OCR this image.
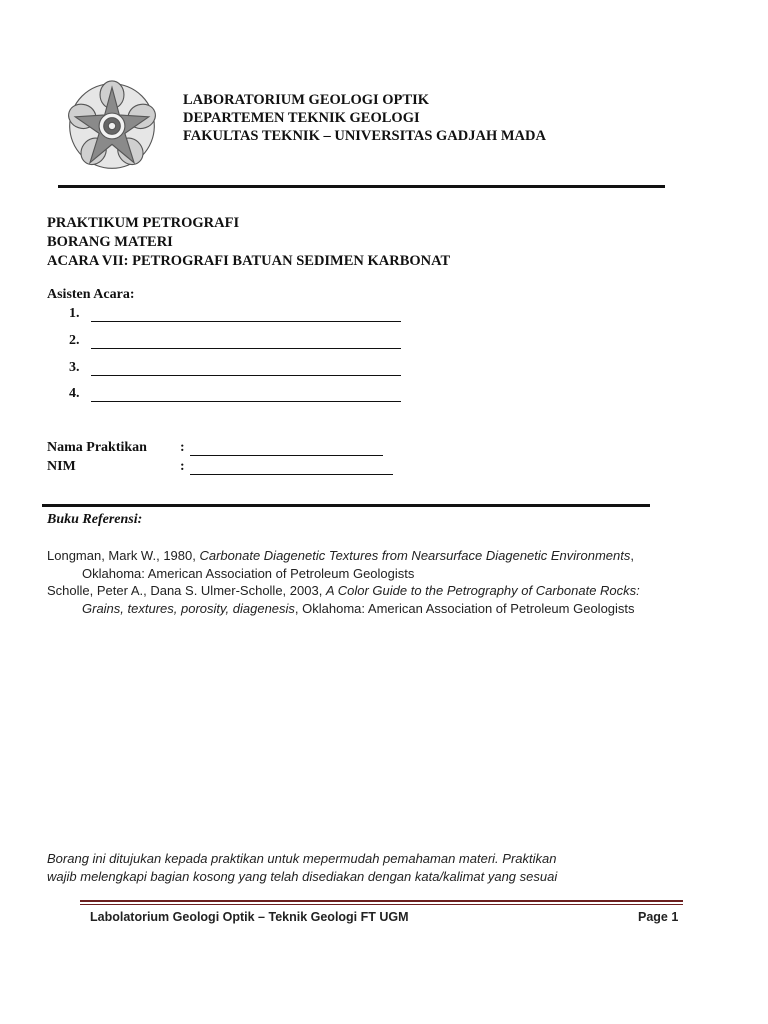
LABORATORIUM GEOLOGI OPTIK
DEPARTEMEN TEKNIK GEOLOGI
FAKULTAS TEKNIK – UNIVERSITAS GADJAH MADA
PRAKTIKUM PETROGRAFI
BORANG MATERI
ACARA VII: PETROGRAFI BATUAN SEDIMEN KARBONAT
Asisten Acara:
1.
2.
3.
4.
Nama Praktikan :
NIM	:
Buku Referensi:
Longman, Mark W., 1980, Carbonate Diagenetic Textures from Nearsurface Diagenetic Environments,
Oklahoma: American Association of Petroleum Geologists
Scholle, Peter A., Dana S. Ulmer-Scholle, 2003, A Color Guide to the Petrography of Carbonate Rocks:
Grains, textures, porosity, diagenesis, Oklahoma: American Association of Petroleum Geologists
Borang ini ditujukan kepada praktikan untuk mepermudah pemahaman materi. Praktikan
wajib melengkapi bagian kosong yang telah disediakan dengan kata/kalimat yang sesuai
Labolatorium Geologi Optik – Teknik Geologi FT UGM	Page 1
